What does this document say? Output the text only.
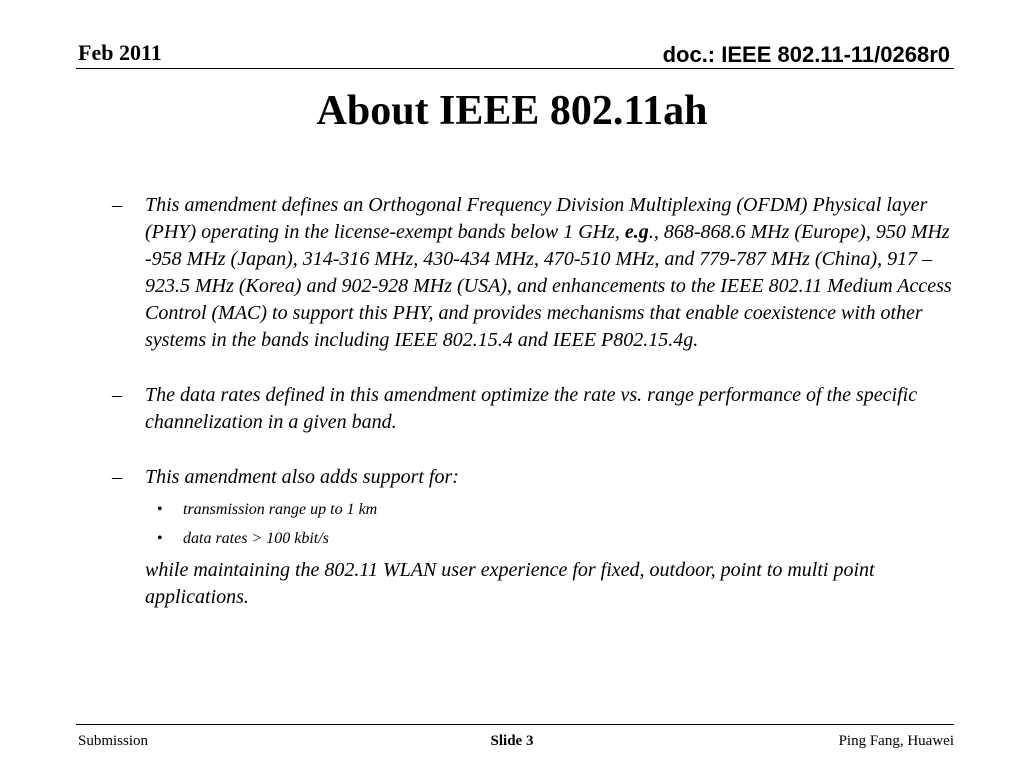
Feb 2011	doc.: IEEE 802.11-11/0268r0
About IEEE 802.11ah
– This amendment defines an Orthogonal Frequency Division Multiplexing (OFDM) Physical layer (PHY) operating in the license-exempt bands below 1 GHz, e.g., 868-868.6 MHz (Europe), 950 MHz -958 MHz (Japan), 314-316 MHz, 430-434 MHz, 470-510 MHz, and 779-787 MHz (China), 917 – 923.5 MHz (Korea) and 902-928 MHz (USA), and enhancements to the IEEE 802.11 Medium Access Control (MAC) to support this PHY, and provides mechanisms that enable coexistence with other systems in the bands including IEEE 802.15.4 and IEEE P802.15.4g.
– The data rates defined in this amendment optimize the rate vs. range performance of the specific channelization in a given band.
– This amendment also adds support for:
• transmission range up to 1 km
• data rates > 100 kbit/s
while maintaining the 802.11 WLAN user experience for fixed, outdoor, point to multi point applications.
Submission	Slide 3	Ping Fang, Huawei
